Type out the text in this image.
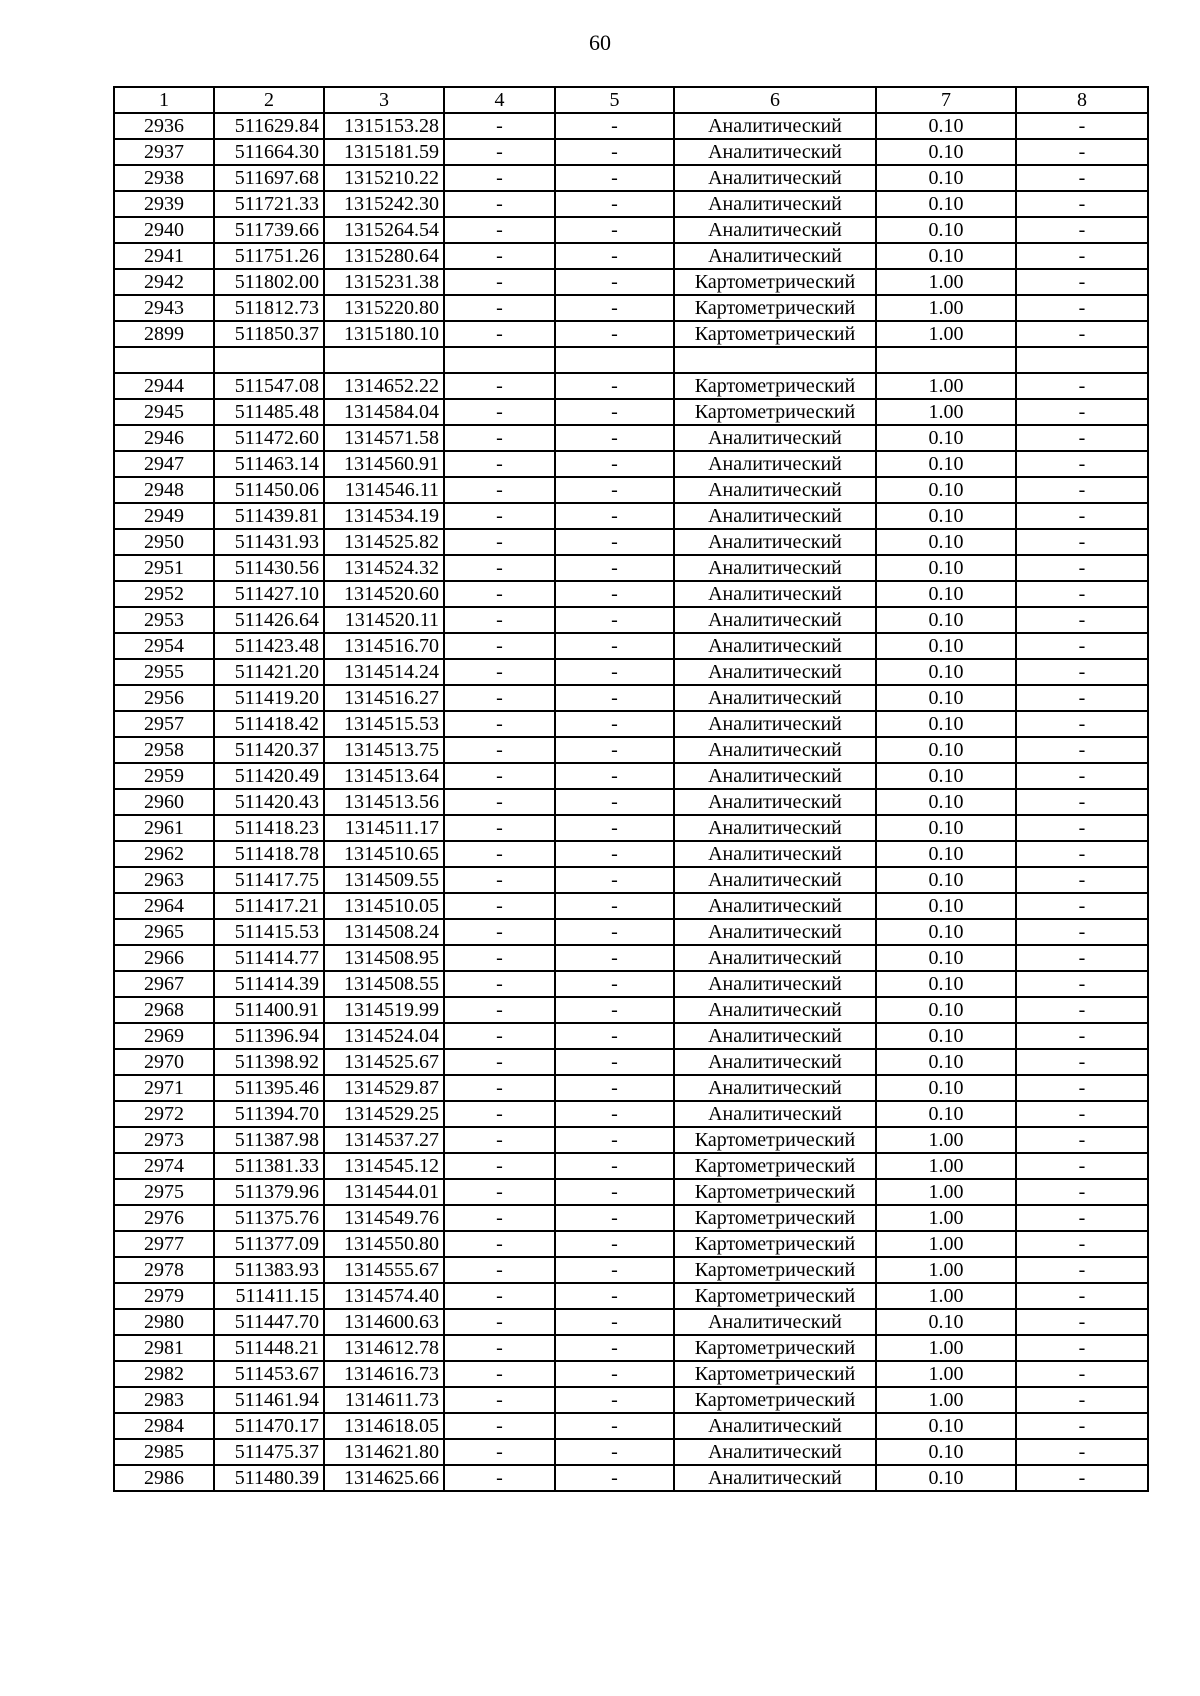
60
1	2	3	4	5	6	7	8
2936	511629.84	1315153.28	-	-	Аналитический	0.10	-
2937	511664.30	1315181.59	-	-	Аналитический	0.10	-
2938	511697.68	1315210.22	-	-	Аналитический	0.10	-
2939	511721.33	1315242.30	-	-	Аналитический	0.10	-
2940	511739.66	1315264.54	-	-	Аналитический	0.10	-
2941	511751.26	1315280.64	-	-	Аналитический	0.10	-
2942	511802.00	1315231.38	-	-	Картометрический	1.00	-
2943	511812.73	1315220.80	-	-	Картометрический	1.00	-
2899	511850.37	1315180.10	-	-	Картометрический	1.00	-

2944	511547.08	1314652.22	-	-	Картометрический	1.00	-
2945	511485.48	1314584.04	-	-	Картометрический	1.00	-
2946	511472.60	1314571.58	-	-	Аналитический	0.10	-
2947	511463.14	1314560.91	-	-	Аналитический	0.10	-
2948	511450.06	1314546.11	-	-	Аналитический	0.10	-
2949	511439.81	1314534.19	-	-	Аналитический	0.10	-
2950	511431.93	1314525.82	-	-	Аналитический	0.10	-
2951	511430.56	1314524.32	-	-	Аналитический	0.10	-
2952	511427.10	1314520.60	-	-	Аналитический	0.10	-
2953	511426.64	1314520.11	-	-	Аналитический	0.10	-
2954	511423.48	1314516.70	-	-	Аналитический	0.10	-
2955	511421.20	1314514.24	-	-	Аналитический	0.10	-
2956	511419.20	1314516.27	-	-	Аналитический	0.10	-
2957	511418.42	1314515.53	-	-	Аналитический	0.10	-
2958	511420.37	1314513.75	-	-	Аналитический	0.10	-
2959	511420.49	1314513.64	-	-	Аналитический	0.10	-
2960	511420.43	1314513.56	-	-	Аналитический	0.10	-
2961	511418.23	1314511.17	-	-	Аналитический	0.10	-
2962	511418.78	1314510.65	-	-	Аналитический	0.10	-
2963	511417.75	1314509.55	-	-	Аналитический	0.10	-
2964	511417.21	1314510.05	-	-	Аналитический	0.10	-
2965	511415.53	1314508.24	-	-	Аналитический	0.10	-
2966	511414.77	1314508.95	-	-	Аналитический	0.10	-
2967	511414.39	1314508.55	-	-	Аналитический	0.10	-
2968	511400.91	1314519.99	-	-	Аналитический	0.10	-
2969	511396.94	1314524.04	-	-	Аналитический	0.10	-
2970	511398.92	1314525.67	-	-	Аналитический	0.10	-
2971	511395.46	1314529.87	-	-	Аналитический	0.10	-
2972	511394.70	1314529.25	-	-	Аналитический	0.10	-
2973	511387.98	1314537.27	-	-	Картометрический	1.00	-
2974	511381.33	1314545.12	-	-	Картометрический	1.00	-
2975	511379.96	1314544.01	-	-	Картометрический	1.00	-
2976	511375.76	1314549.76	-	-	Картометрический	1.00	-
2977	511377.09	1314550.80	-	-	Картометрический	1.00	-
2978	511383.93	1314555.67	-	-	Картометрический	1.00	-
2979	511411.15	1314574.40	-	-	Картометрический	1.00	-
2980	511447.70	1314600.63	-	-	Аналитический	0.10	-
2981	511448.21	1314612.78	-	-	Картометрический	1.00	-
2982	511453.67	1314616.73	-	-	Картометрический	1.00	-
2983	511461.94	1314611.73	-	-	Картометрический	1.00	-
2984	511470.17	1314618.05	-	-	Аналитический	0.10	-
2985	511475.37	1314621.80	-	-	Аналитический	0.10	-
2986	511480.39	1314625.66	-	-	Аналитический	0.10	-
